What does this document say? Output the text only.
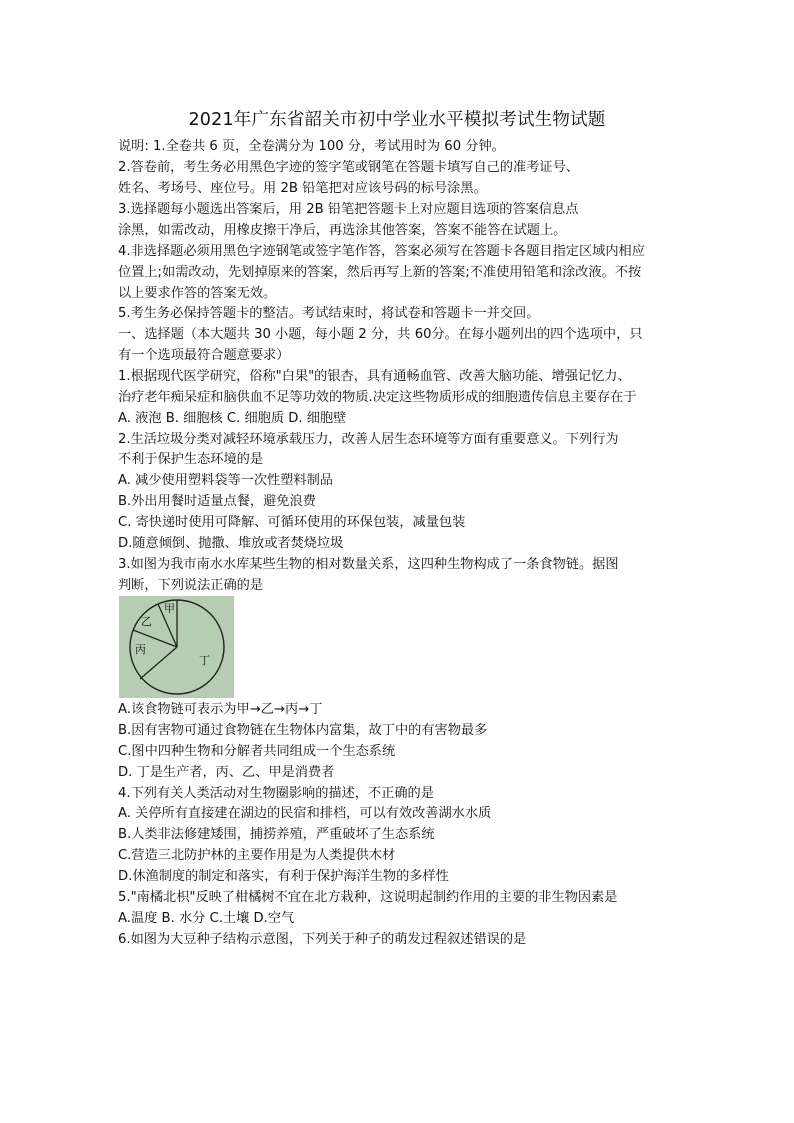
2021年广东省韶关市初中学业水平模拟考试生物试题
说明: 1.全卷共 6 页，全卷满分为 100 分，考试用时为 60 分钟。
2.答卷前，考生务必用黑色字迹的签字笔或钢笔在答题卡填写自己的准考证号、
姓名、考场号、座位号。用 2B 铅笔把对应该号码的标号涂黑。
3.选择题每小题选出答案后，用 2B 铅笔把答题卡上对应题目选项的答案信息点
涂黑，如需改动，用橡皮擦干净后，再选涂其他答案，答案不能答在试题上。
4.非选择题必须用黑色字迹钢笔或签字笔作答，答案必须写在答题卡各题目指定区域内相应
位置上;如需改动，先划掉原来的答案，然后再写上新的答案;不准使用铅笔和涂改液。不按
以上要求作答的答案无效。
5.考生务必保持答题卡的整洁。考试结束时，将试卷和答题卡一并交回。
一、选择题（本大题共 30 小题，每小题 2 分，共 60分。在每小题列出的四个选项中，只
有一个选项最符合题意要求）
1.根据现代医学研究，俗称"白果"的银杏，具有通畅血管、改善大脑功能、增强记忆力、
治疗老年痴呆症和脑供血不足等功效的物质.决定这些物质形成的细胞遗传信息主要存在于
A. 液泡 B. 细胞核 C. 细胞质 D. 细胞壁
2.生活垃圾分类对减轻环境承载压力，改善人居生态环境等方面有重要意义。下列行为
不利于保护生态环境的是
A. 减少使用塑料袋等一次性塑料制品
B.外出用餐时适量点餐，避免浪费
C. 寄快递时使用可降解、可循环使用的环保包装，减量包装
D.随意倾倒、抛撒、堆放或者焚烧垃圾
3.如图为我市南水水库某些生物的相对数量关系，这四种生物构成了一条食物链。据图
判断，下列说法正确的是
甲
乙
丙
丁
A.该食物链可表示为甲→乙→丙→丁
B.因有害物可通过食物链在生物体内富集，故丁中的有害物最多
C.图中四种生物和分解者共同组成一个生态系统
D. 丁是生产者，丙、乙、甲是消费者
4.下列有关人类活动对生物圈影响的描述，不正确的是
A. 关停所有直接建在湖边的民宿和排档，可以有效改善湖水水质
B.人类非法修建矮围，捕捞养殖，严重破坏了生态系统
C.营造三北防护林的主要作用是为人类提供木材
D.休渔制度的制定和落实，有利于保护海洋生物的多样性
5."南橘北枳"反映了柑橘树不宜在北方栽种，这说明起制约作用的主要的非生物因素是
A.温度 B. 水分 C.土壤 D.空气
6.如图为大豆种子结构示意图，下列关于种子的萌发过程叙述错误的是
